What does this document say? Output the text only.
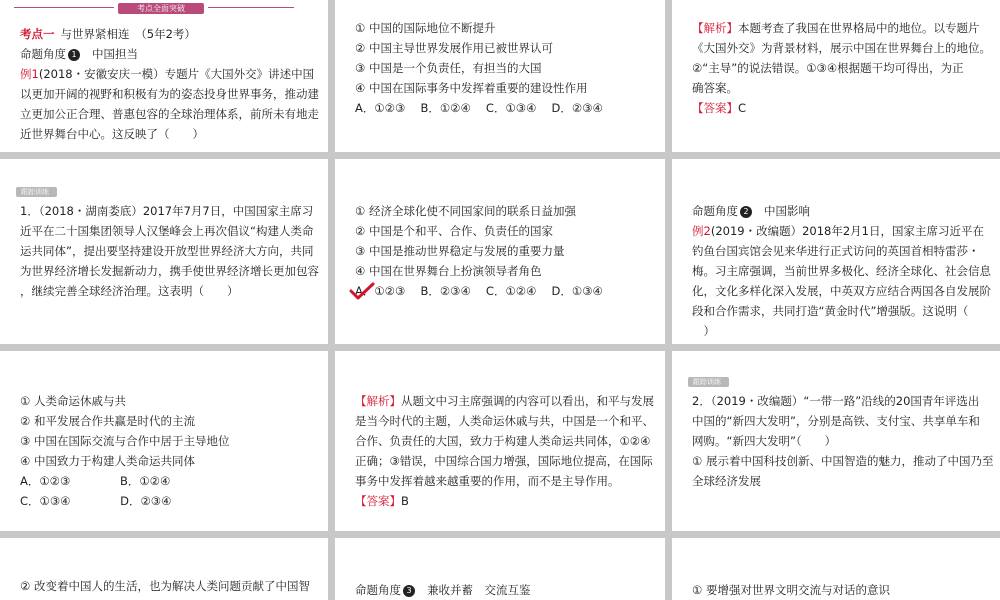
考点全面突破
考点一 与世界紧相连　（5年2考）
命题角度 1 中国担当
例1(2018・安徽安庆一模）专题片《大国外交》讲述中国
以更加开阔的视野和积极有为的姿态投身世界事务，推动建
立更加公正合理、普惠包容的全球治理体系，前所未有地走
近世界舞台中心。这反映了（　　）
① 中国的国际地位不断提升
② 中国主导世界发展作用已被世界认可
③ 中国是一个负责任，有担当的大国
④ 中国在国际事务中发挥着重要的建设性作用
A．①②③　 B．①②④　 C．①③④　 D．②③④
【解析】本题考查了我国在世界格局中的地位。以专题片
《大国外交》为背景材料，展示中国在世界舞台上的地位。
②“主导”的说法错误。①③④根据题干均可得出，为正
确答案。
【答案】C
跟踪训练
1．（2018・湖南娄底）2017年7月7日，中国国家主席习
近平在二十国集团领导人汉堡峰会上再次倡议“构建人类命
运共同体”，提出要坚持建设开放型世界经济大方向，共同
为世界经济增长发掘新动力，携手使世界经济增长更加包容
，继续完善全球经济治理。这表明（　　）
① 经济全球化使不同国家间的联系日益加强
② 中国是个和平、合作、负责任的国家
③ 中国是推动世界稳定与发展的重要力量
④ 中国在世界舞台上扮演领导者角色
A．①②③　 B．②③④　 C．①②④　 D．①③④
命题角度 2 中国影响
例2(2019・改编题）2018年2月1日，国家主席习近平在
钓鱼台国宾馆会见来华进行正式访问的英国首相特雷莎・
梅。习主席强调，当前世界多极化、经济全球化、社会信息
化，文化多样化深入发展，中英双方应结合两国各自发展阶
段和合作需求，共同打造“黄金时代”增强版。这说明（
　）
① 人类命运休戚与共
② 和平发展合作共赢是时代的主流
③ 中国在国际交流与合作中居于主导地位
④ 中国致力于构建人类命运共同体
A．①②③　　　　 B．①②④
C．①③④　　　　 D．②③④
【解析】从题文中习主席强调的内容可以看出，和平与发展
是当今时代的主题，人类命运休戚与共，中国是一个和平、
合作、负责任的大国，致力于构建人类命运共同体，①②④
正确；③错误，中国综合国力增强，国际地位提高，在国际
事务中发挥着越来越重要的作用，而不是主导作用。
【答案】B
跟踪训练
2．（2019・改编题）“一带一路”沿线的20国青年评选出
中国的“新四大发明”，分别是高铁、支付宝、共享单车和
网购。“新四大发明”（　　）
① 展示着中国科技创新、中国智造的魅力，推动了中国乃至
全球经济发展
② 改变着中国人的生活，也为解决人类问题贡献了中国智	命题角度 3 兼收并蓄　交流互鉴	① 要增强对世界文明交流与对话的意识
